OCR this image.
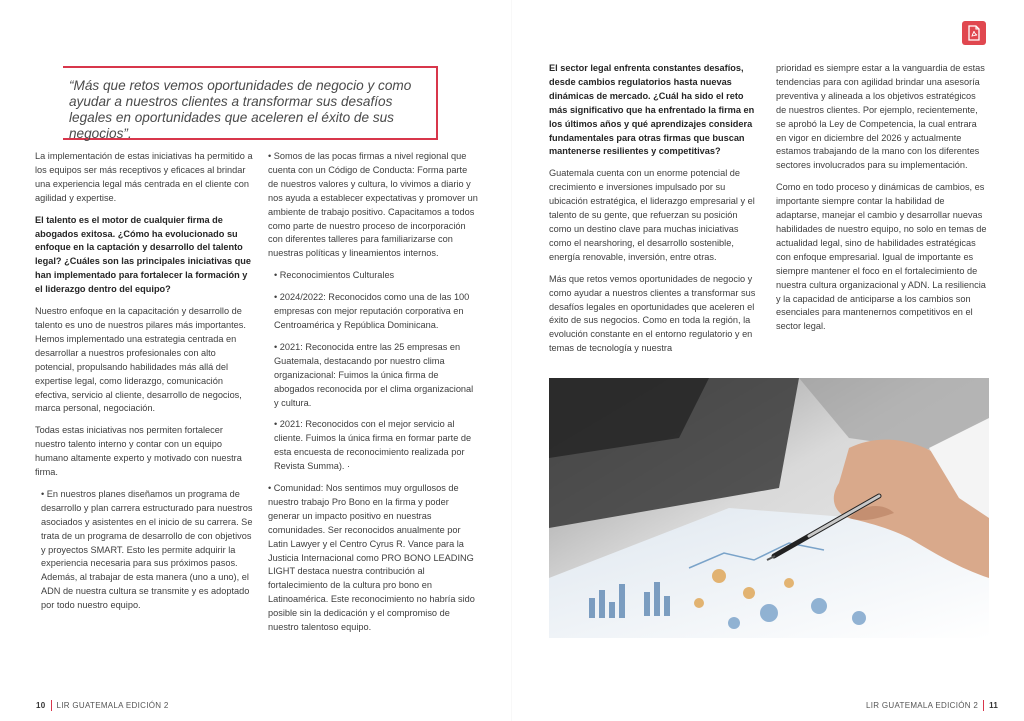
“Más que retos vemos oportunidades de negocio y como ayudar a nuestros clientes a transformar sus desafíos legales en oportunidades que aceleren el éxito de sus negocios”.

La implementación de estas iniciativas ha permitido a los equipos ser más receptivos y eficaces al brindar una experiencia legal más centrada en el cliente con agilidad y expertise.

El talento es el motor de cualquier firma de abogados exitosa. ¿Cómo ha evolucionado su enfoque en la captación y desarrollo del talento legal? ¿Cuáles son las principales iniciativas que han implementado para fortalecer la formación y el liderazgo dentro del equipo?

Nuestro enfoque en la capacitación y desarrollo de talento es uno de nuestros pilares más importantes. Hemos implementado una estrategia centrada en desarrollar a nuestros profesionales con alto potencial, propulsando habilidades más allá del expertise legal, como liderazgo, comunicación efectiva, servicio al cliente, desarrollo de negocios, marca personal, negociación.

Todas estas iniciativas nos permiten fortalecer nuestro talento interno y contar con un equipo humano altamente experto y motivado con nuestra firma.

• En nuestros planes diseñamos un programa de desarrollo y plan carrera estructurado para nuestros asociados y asistentes en el inicio de su carrera. Se trata de un programa de desarrollo de con objetivos y proyectos SMART. Esto les permite adquirir la experiencia necesaria para sus próximos pasos. Además, al trabajar de esta manera (uno a uno), el ADN de nuestra cultura se transmite y es adoptado por todo nuestro equipo.

• Somos de las pocas firmas a nivel regional que cuenta con un Código de Conducta: Forma parte de nuestros valores y cultura, lo vivimos a diario y nos ayuda a establecer expectativas y promover un ambiente de trabajo positivo. Capacitamos a todos como parte de nuestro proceso de incorporación con diferentes talleres para familiarizarse con nuestras políticas y lineamientos internos.

• Reconocimientos Culturales

• 2024/2022: Reconocidos como una de las 100 empresas con mejor reputación corporativa en Centroamérica y República Dominicana.

• 2021: Reconocida entre las 25 empresas en Guatemala, destacando por nuestro clima organizacional: Fuimos la única firma de abogados reconocida por el clima organizacional y cultura.

• 2021: Reconocidos con el mejor servicio al cliente. Fuimos la única firma en formar parte de esta encuesta de reconocimiento realizada por Revista Summa). ·

• Comunidad: Nos sentimos muy orgullosos de nuestro trabajo Pro Bono en la firma y poder generar un impacto positivo en nuestras comunidades. Ser reconocidos anualmente por Latin Lawyer y el Centro Cyrus R. Vance para la Justicia Internacional como PRO BONO LEADING LIGHT destaca nuestra contribución al fortalecimiento de la cultura pro bono en Latinoamérica. Este reconocimiento no habría sido posible sin la dedicación y el compromiso de nuestro talentoso equipo.

El sector legal enfrenta constantes desafíos, desde cambios regulatorios hasta nuevas dinámicas de mercado. ¿Cuál ha sido el reto más significativo que ha enfrentado la firma en los últimos años y qué aprendizajes considera fundamentales para otras firmas que buscan mantenerse resilientes y competitivas?

Guatemala cuenta con un enorme potencial de crecimiento e inversiones impulsado por su ubicación estratégica, el liderazgo empresarial y el talento de su gente, que refuerzan su posición como un destino clave para muchas iniciativas como el nearshoring, el desarrollo sostenible, energía renovable, inversión, entre otras.

Más que retos vemos oportunidades de negocio y como ayudar a nuestros clientes a transformar sus desafíos legales en oportunidades que aceleren el éxito de sus negocios. Como en toda la región, la evolución constante en el entorno regulatorio y en temas de tecnología y nuestra

prioridad es siempre estar a la vanguardia de estas tendencias para con agilidad brindar una asesoría preventiva y alineada a los objetivos estratégicos de nuestros clientes. Por ejemplo, recientemente, se aprobó la Ley de Competencia, la cual entrara en vigor en diciembre del 2026 y actualmente estamos trabajando de la mano con los diferentes sectores involucrados para su implementación.

Como en todo proceso y dinámicas de cambios, es importante siempre contar la habilidad de adaptarse, manejar el cambio y desarrollar nuevas habilidades de nuestro equipo, no solo en temas de actualidad legal, sino de habilidades estratégicas con enfoque empresarial. Igual de importante es siempre mantener el foco en el fortalecimiento de nuestra cultura organizacional y ADN. La resiliencia y la capacidad de anticiparse a los cambios son esenciales para mantenernos competitivos en el sector legal.

10 LIR GUATEMALA EDICIÓN 2	LIR GUATEMALA EDICIÓN 2 11
